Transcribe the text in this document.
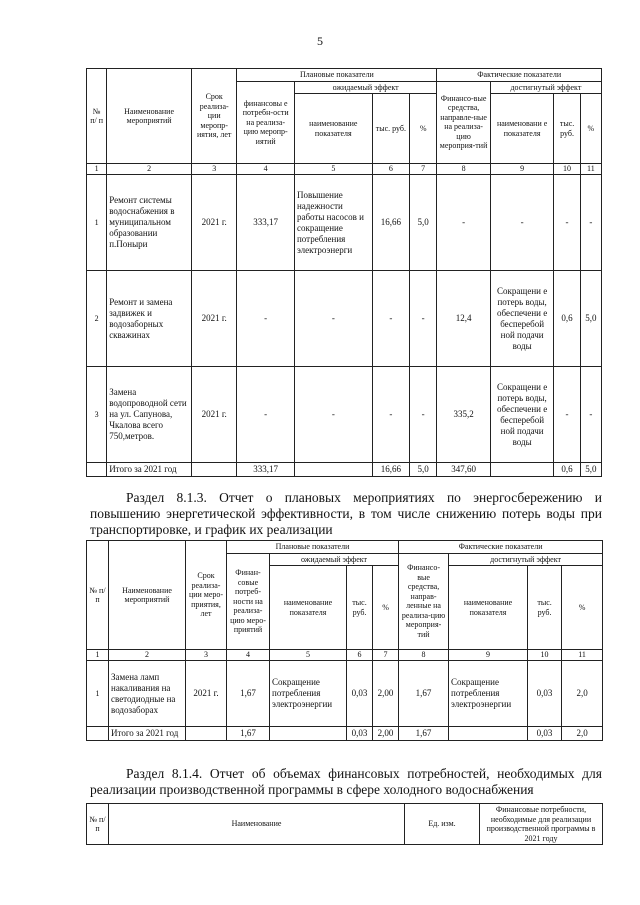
5
№ п/ п	Наименование мероприятий	Срок реализа-ции меропр-иятия, лет	Плановые показатели				Фактические показатели			
			финансовы е потребн-ости на реализа-цию меропр-иятий	ожидаемый эффект			Финансо-вые средства, направле-ные на реализа-цию мероприя-тий	достигнутый эффект		
				наименование показателя	тыс. руб.	%		наименовани е показателя	тыс. руб.	%
1	2	3	4	5	6	7	8	9	10	11
1	Ремонт системы водоснабжения в муниципальном образовании п.Поныри	2021 г.	333,17	Повышение надежности работы насосов и сокращение потребления электроэнерги	16,66	5,0	-	-	-	-
2	Ремонт и замена задвижек и водозаборных скважинах	2021 г.	-	-	-	-	12,4	Сокращени е потерь воды, обеспечени е бесперебой ной подачи воды	0,6	5,0
3	Замена водопроводной сети на ул. Сапунова, Чкалова всего 750,метров.	2021 г.	-	-	-	-	335,2	Сокращени е потерь воды, обеспечени е бесперебой ной подачи воды	-	-
	Итого за 2021 год		333,17		16,66	5,0	347,60		0,6	5,0
Раздел 8.1.3. Отчет о плановых мероприятиях по энергосбережению и повышению энергетической эффективности, в том числе снижению потерь воды при транспортировке, и график их реализации
№ п/п	Наименование мероприятий	Срок реализа-ции меро-приятия, лет	Плановые показатели				Фактические показатели			
			Финан-совые потреб-ности на реализа-цию меро-приятий	ожидаемый эффект			Финансо-вые средства, направ-ленные на реализа-цию мероприя-тий	достигнутый эффект		
				наименование показателя	тыс. руб.	%		наименование показателя	тыс. руб.	%
1	2	3	4	5	6	7	8	9	10	11
1	Замена ламп накаливания на светодиодные на водозаборах	2021 г.	1,67	Сокращение потребления электроэнергии	0,03	2,00	1,67	Сокращение потребления электроэнергии	0,03	2,0
	Итого за 2021 год		1,67		0,03	2,00	1,67		0,03	2,0
Раздел 8.1.4. Отчет об объемах финансовых потребностей, необходимых для реализации производственной программы в сфере холодного водоснабжения
№ п/п	Наименование	Ед. изм.	Финансовые потребности, необходимые для реализации производственной программы в 2021 году
